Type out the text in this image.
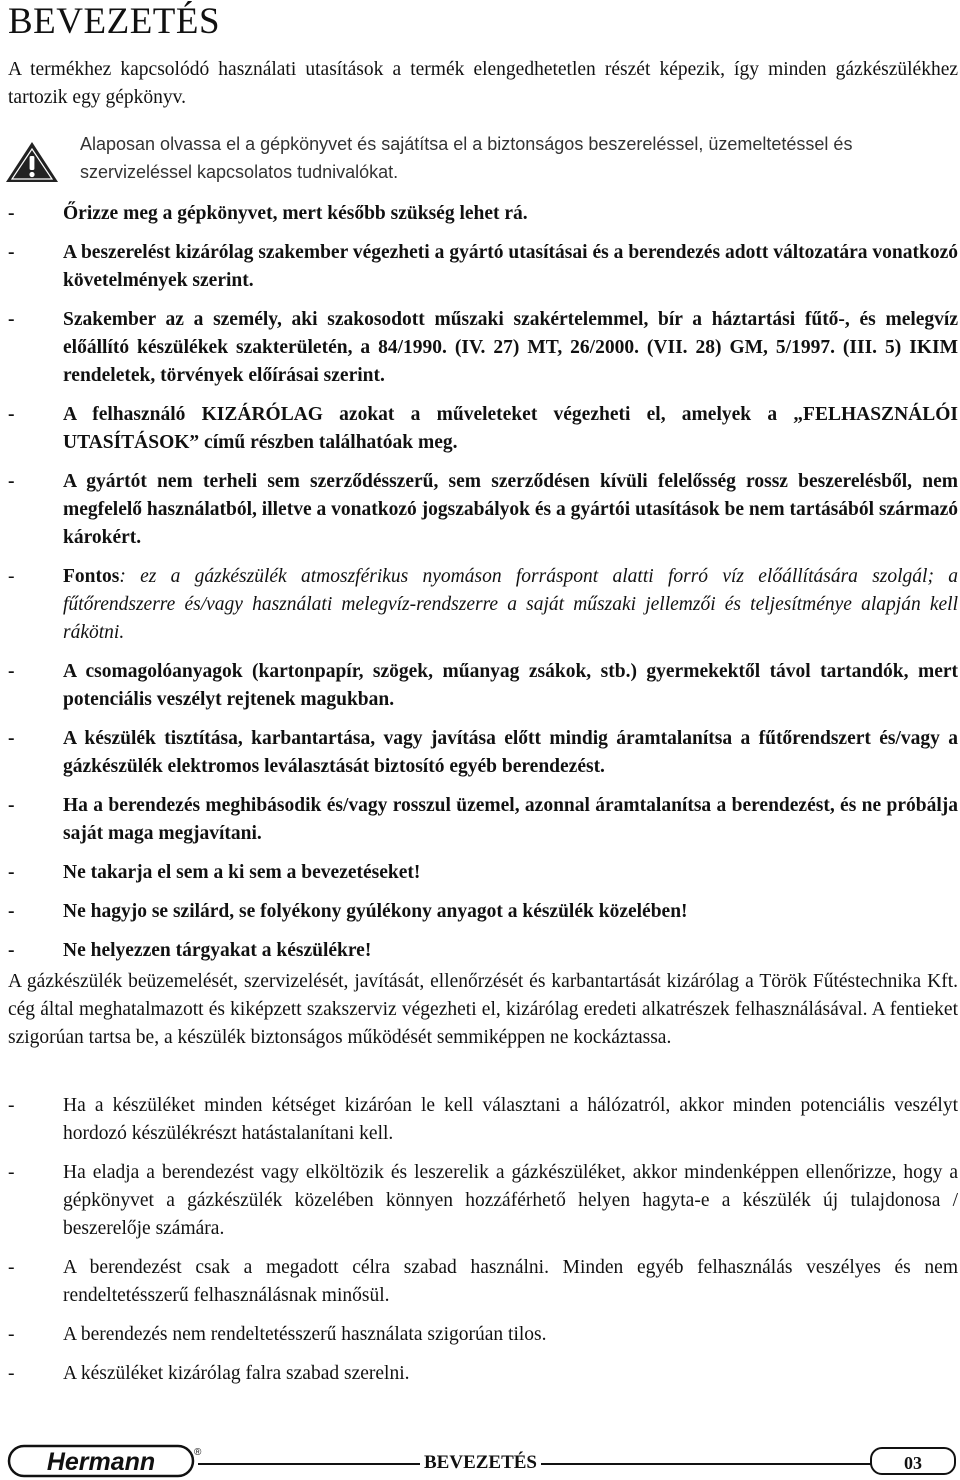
BEVEZETÉS

A termékhez kapcsolódó használati utasítások a termék elengedhetetlen részét képezik, így minden gázkészülékhez tartozik egy gépkönyv.

Alaposan olvassa el a gépkönyvet és sajátítsa el a biztonságos beszereléssel, üzemeltetéssel és szervizeléssel kapcsolatos tudnivalókat.

- Őrizze meg a gépkönyvet, mert később szükség lehet rá.
- A beszerelést kizárólag szakember végezheti a gyártó utasításai és a berendezés adott változatára vonatkozó követelmények szerint.
- Szakember az a személy, aki szakosodott műszaki szakértelemmel, bír a háztartási fűtő-, és melegvíz előállító készülékek szakterületén, a 84/1990. (IV. 27) MT, 26/2000. (VII. 28) GM, 5/1997. (III. 5) IKIM rendeletek, törvények előírásai szerint.
- A felhasználó KIZÁRÓLAG azokat a műveleteket végezheti el, amelyek a „FELHASZNÁLÓI UTASÍTÁSOK” című részben találhatóak meg.
- A gyártót nem terheli sem szerződésszerű, sem szerződésen kívüli felelősség rossz beszerelésből, nem megfelelő használatból, illetve a vonatkozó jogszabályok és a gyártói utasítások be nem tartásából származó károkért.
- Fontos: ez a gázkészülék atmoszférikus nyomáson forráspont alatti forró víz előállítására szolgál; a fűtőrendszerre és/vagy használati melegvíz-rendszerre a saját műszaki jellemzői és teljesítménye alapján kell rákötni.
- A csomagolóanyagok (kartonpapír, szögek, műanyag zsákok, stb.) gyermekektől távol tartandók, mert potenciális veszélyt rejtenek magukban.
- A készülék tisztítása, karbantartása, vagy javítása előtt mindig áramtalanítsa a fűtőrendszert és/vagy a gázkészülék elektromos leválasztását biztosító egyéb berendezést.
- Ha a berendezés meghibásodik és/vagy rosszul üzemel, azonnal áramtalanítsa a berendezést, és ne próbálja saját maga megjavítani.
- Ne takarja el sem a ki sem a bevezetéseket!
- Ne hagyjo se szilárd, se folyékony gyúlékony anyagot a készülék közelében!
- Ne helyezzen tárgyakat a készülékre!

A gázkészülék beüzemelését, szervizelését, javítását, ellenőrzését és karbantartását kizárólag a Török Fűtéstechnika Kft. cég által meghatalmazott és kiképzett szakszerviz végezheti el, kizárólag eredeti alkatrészek felhasználásával. A fentieket szigorúan tartsa be, a készülék biztonságos működését semmiképpen ne kockáztassa.

- Ha a készüléket minden kétséget kizáróan le kell választani a hálózatról, akkor minden potenciális veszélyt hordozó készülékrészt hatástalanítani kell.
- Ha eladja a berendezést vagy elköltözik és leszerelik a gázkészüléket, akkor mindenképpen ellenőrizze, hogy a gépkönyvet a gázkészülék közelében könnyen hozzáférhető helyen hagyta-e a készülék új tulajdonosa / beszerelője számára.
- A berendezést csak a megadott célra szabad használni. Minden egyéb felhasználás veszélyes és nem rendeltetésszerű felhasználásnak minősül.
- A berendezés nem rendeltetésszerű használata szigorúan tilos.
- A készüléket kizárólag falra szabad szerelni.
Hermann	®	BEVEZETÉS	03
